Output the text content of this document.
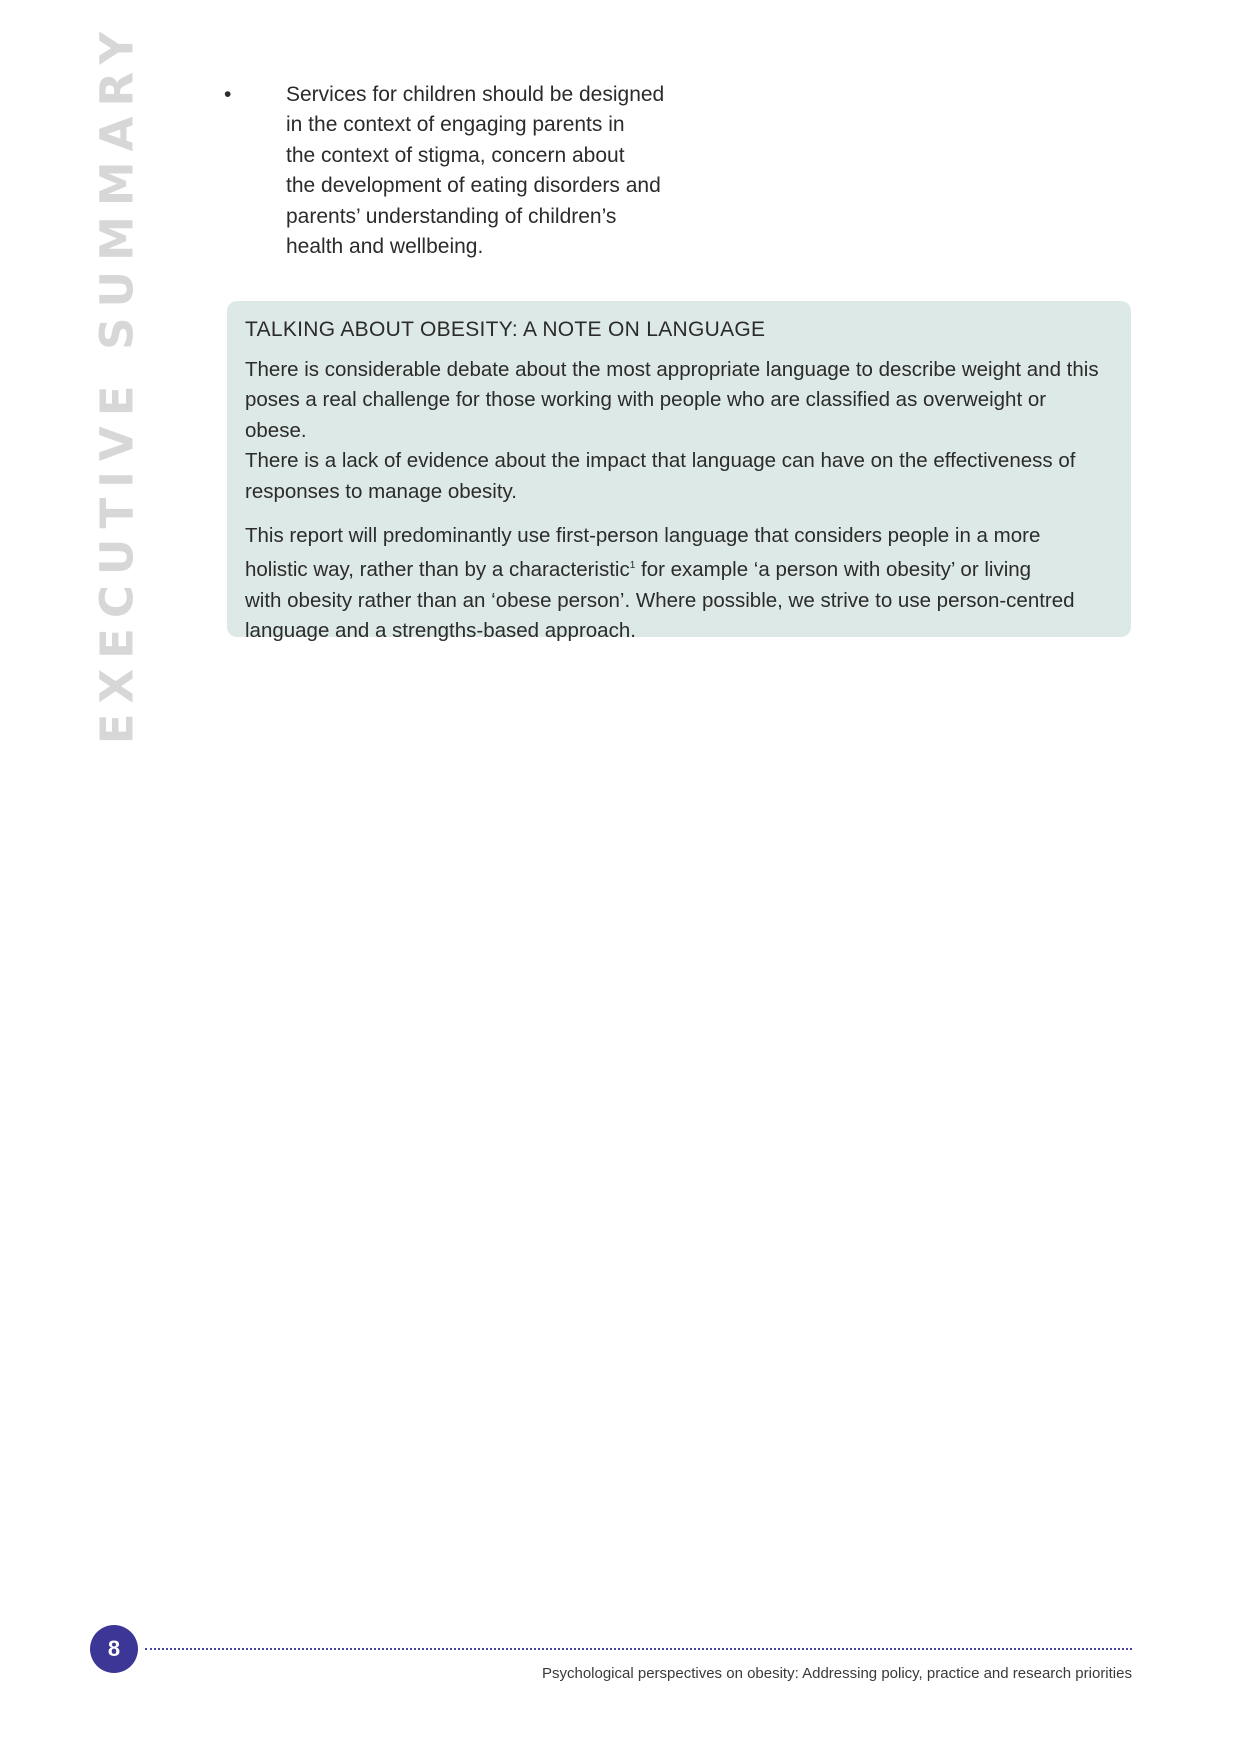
EXECUTIVE SUMMARY	•	Services for children should be designed
in the context of engaging parents in
the context of stigma, concern about
the development of eating disorders and
parents’ understanding of children’s
health and wellbeing.
TALKING ABOUT OBESITY: A NOTE ON LANGUAGE

There is considerable debate about the most appropriate language to describe weight and this
poses a real challenge for those working with people who are classified as overweight or obese.
There is a lack of evidence about the impact that language can have on the effectiveness of
responses to manage obesity.

This report will predominantly use first-person language that considers people in a more
holistic way, rather than by a characteristic$^1$ for example ‘a person with obesity’ or living
with obesity rather than an ‘obese person’. Where possible, we strive to use person-centred
language and a strengths-based approach.

8
Psychological perspectives on obesity: Addressing policy, practice and research priorities
